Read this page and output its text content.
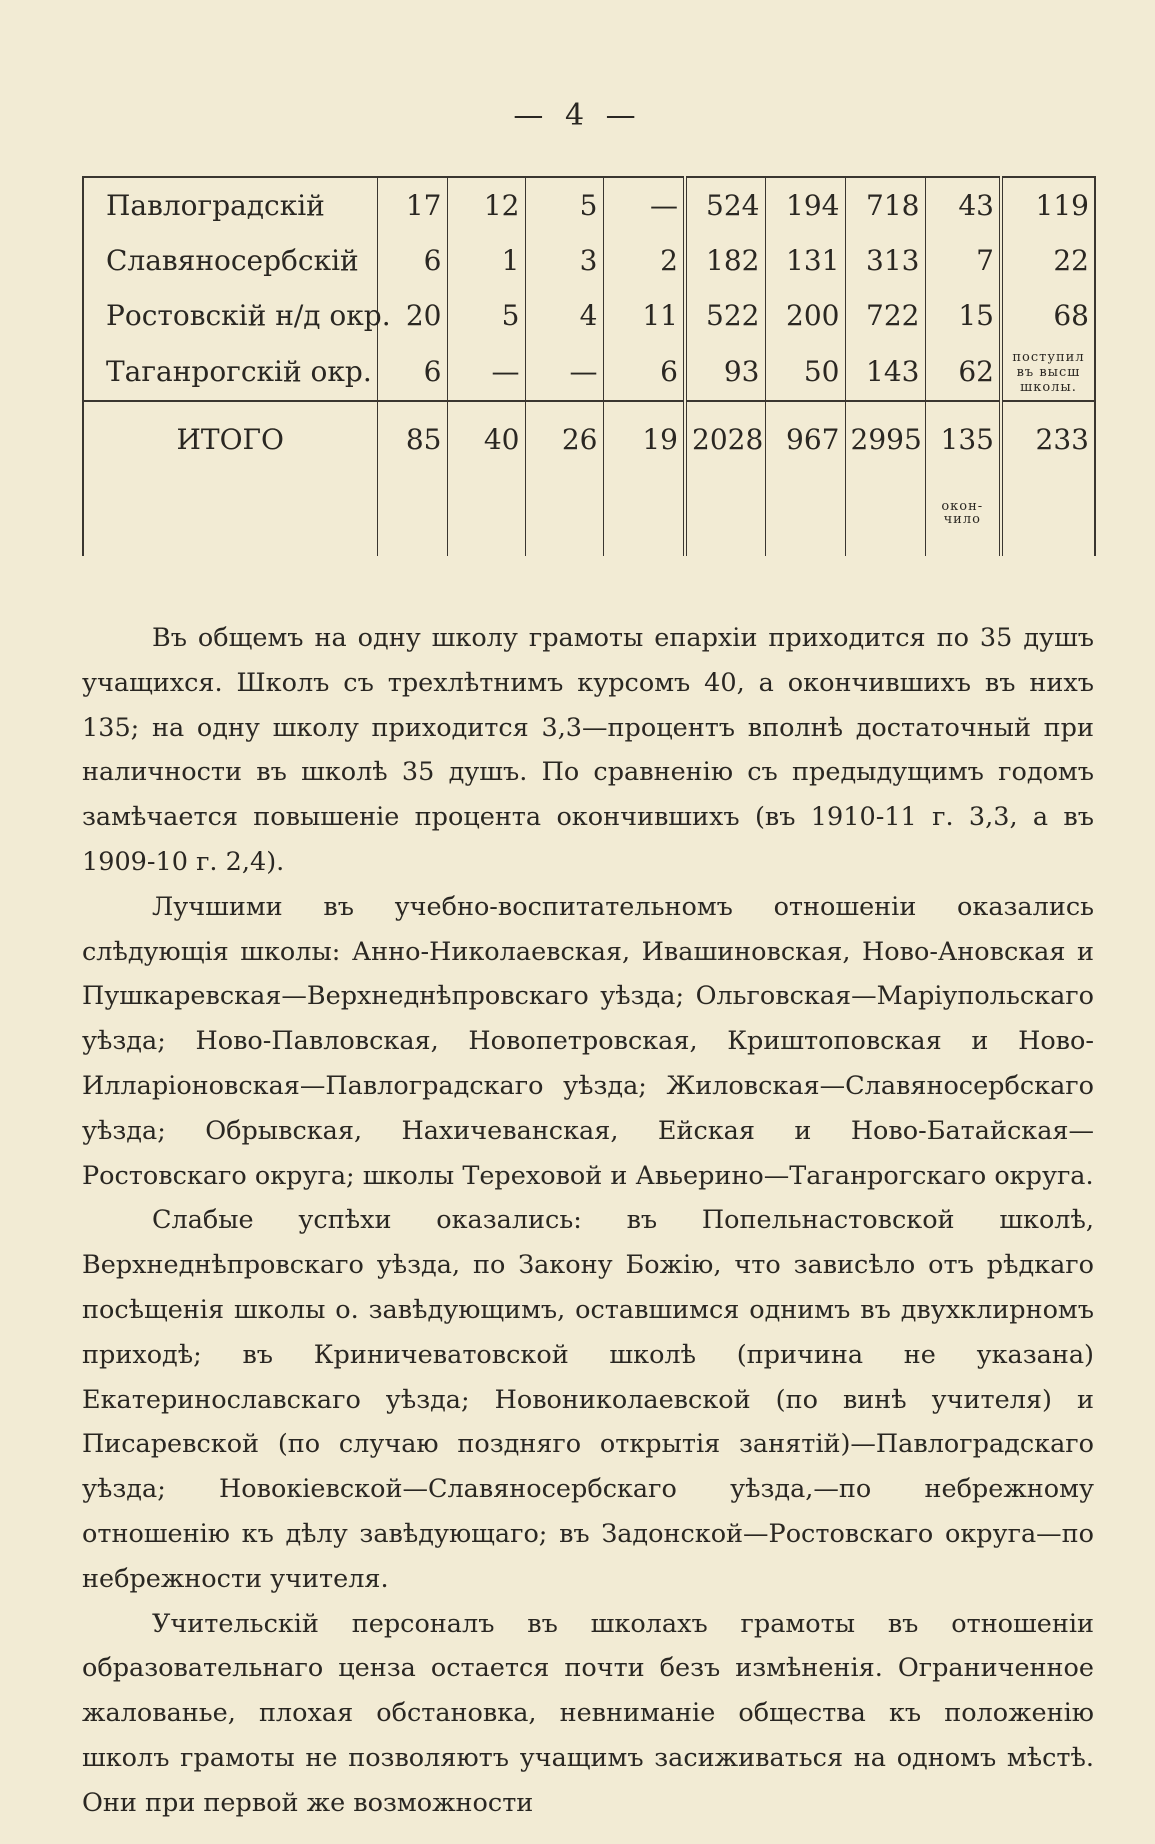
— 4 —
Павлоградскій	17	12	5	—	524	194	718	43	119
Славяносербскій	6	1	3	2	182	131	313	7	22
Ростовскій н/д окр.	20	5	4	11	522	200	722	15	68
Таганрогскій окр.	6	—	—	6	93	50	143	62	поступил въ высш школы.

ИТОГО	85	40	26	19	2028	967	2995	135	233

								окон-чило	

Въ общемъ на одну школу грамоты епархіи приходится по 35 душъ учащихся. Школъ съ трехлѣтнимъ курсомъ 40, а окончившихъ въ нихъ 135; на одну школу приходится 3,3—процентъ вполнѣ достаточный при наличности въ школѣ 35 душъ. По сравненію съ предыдущимъ годомъ замѣчается повышеніе процента окончившихъ (въ 1910-11 г. 3,3, а въ 1909-10 г. 2,4).

Лучшими въ учебно-воспитательномъ отношеніи оказались слѣдующія школы: Анно-Николаевская, Ивашиновская, Ново-Ановская и Пушкаревская—Верхнеднѣпровскаго уѣзда; Ольговская—Маріупольскаго уѣзда; Ново-Павловская, Новопетровская, Криштоповская и Ново-Илларіоновская—Павлоградскаго уѣзда; Жиловская—Славяносербскаго уѣзда; Обрывская, Нахичеванская, Ейская и Ново-Батайская—Ростовскаго округа; школы Тереховой и Авьерино—Таганрогскаго округа.

Слабые успѣхи оказались: въ Попельнастовской школѣ, Верхнеднѣпровскаго уѣзда, по Закону Божію, что зависѣло отъ рѣдкаго посѣщенія школы о. завѣдующимъ, оставшимся однимъ въ двухклирномъ приходѣ; въ Криничеватовской школѣ (причина не указана) Екатеринославскаго уѣзда; Новониколаевской (по винѣ учителя) и Писаревской (по случаю поздняго открытія занятій)—Павлоградскаго уѣзда; Новокіевской—Славяносербскаго уѣзда,—по небрежному отношенію къ дѣлу завѣдующаго; въ Задонской—Ростовскаго округа—по небрежности учителя.

Учительскій персоналъ въ школахъ грамоты въ отношеніи образовательнаго ценза остается почти безъ измѣненія. Ограниченное жалованье, плохая обстановка, невниманіе общества къ положенію школъ грамоты не позволяютъ учащимъ засиживаться на одномъ мѣстѣ. Они при первой же возможности
